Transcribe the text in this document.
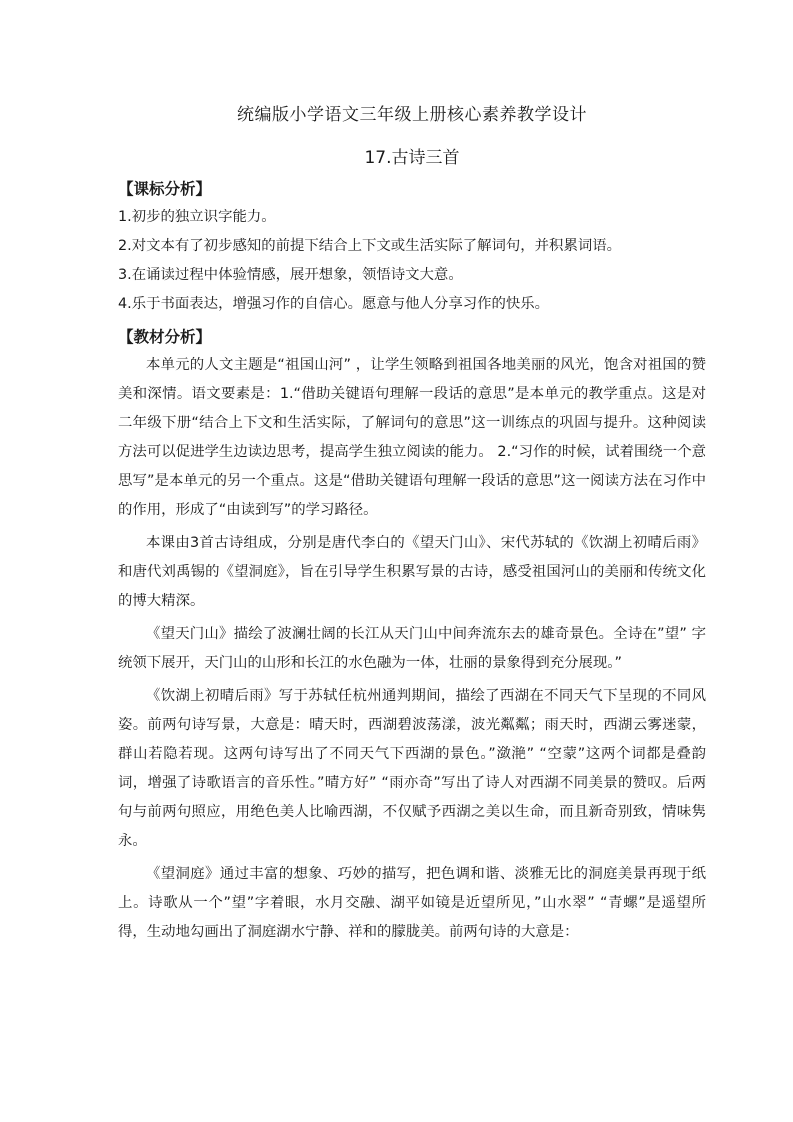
统编版小学语文三年级上册核心素养教学设计
17.古诗三首
【课标分析】
1.初步的独立识字能力。
2.对文本有了初步感知的前提下结合上下文或生活实际了解词句，并积累词语。
3.在诵读过程中体验情感，展开想象，领悟诗文大意。
4.乐于书面表达，增强习作的自信心。愿意与他人分享习作的快乐。
【教材分析】

本单元的人文主题是“祖国山河” ，让学生领略到祖国各地美丽的风光，饱含对祖国的赞美和深情。语文要素是：1.“借助关键语句理解一段话的意思”是本单元的教学重点。这是对二年级下册“结合上下文和生活实际，了解词句的意思”这一训练点的巩固与提升。这种阅读方法可以促进学生边读边思考，提高学生独立阅读的能力。 2.“习作的时候，试着围绕一个意思写”是本单元的另一个重点。这是“借助关键语句理解一段话的意思”这一阅读方法在习作中的作用，形成了“由读到写”的学习路径。

本课由3首古诗组成，分别是唐代李白的《望天门山》、宋代苏轼的《饮湖上初晴后雨》和唐代刘禹锡的《望洞庭》，旨在引导学生积累写景的古诗，感受祖国河山的美丽和传统文化的博大精深。

《望天门山》描绘了波澜壮阔的长江从天门山中间奔流东去的雄奇景色。全诗在”望” 字统领下展开，天门山的山形和长江的水色融为一体，壮丽的景象得到充分展现。”

《饮湖上初晴后雨》写于苏轼任杭州通判期间，描绘了西湖在不同天气下呈现的不同风姿。前两句诗写景，大意是：晴天时，西湖碧波荡漾，波光粼粼；雨天时，西湖云雾迷蒙，群山若隐若现。这两句诗写出了不同天气下西湖的景色。”潋滟” “空蒙”这两个词都是叠韵词，增强了诗歌语言的音乐性。”晴方好” “雨亦奇”写出了诗人对西湖不同美景的赞叹。后两句与前两句照应，用绝色美人比喻西湖，不仅赋予西湖之美以生命，而且新奇别致，情味隽永。

《望洞庭》通过丰富的想象、巧妙的描写，把色调和谐、淡雅无比的洞庭美景再现于纸上。诗歌从一个”望”字着眼，水月交融、湖平如镜是近望所见，”山水翠” “青螺”是遥望所得，生动地勾画出了洞庭湖水宁静、祥和的朦胧美。前两句诗的大意是：
